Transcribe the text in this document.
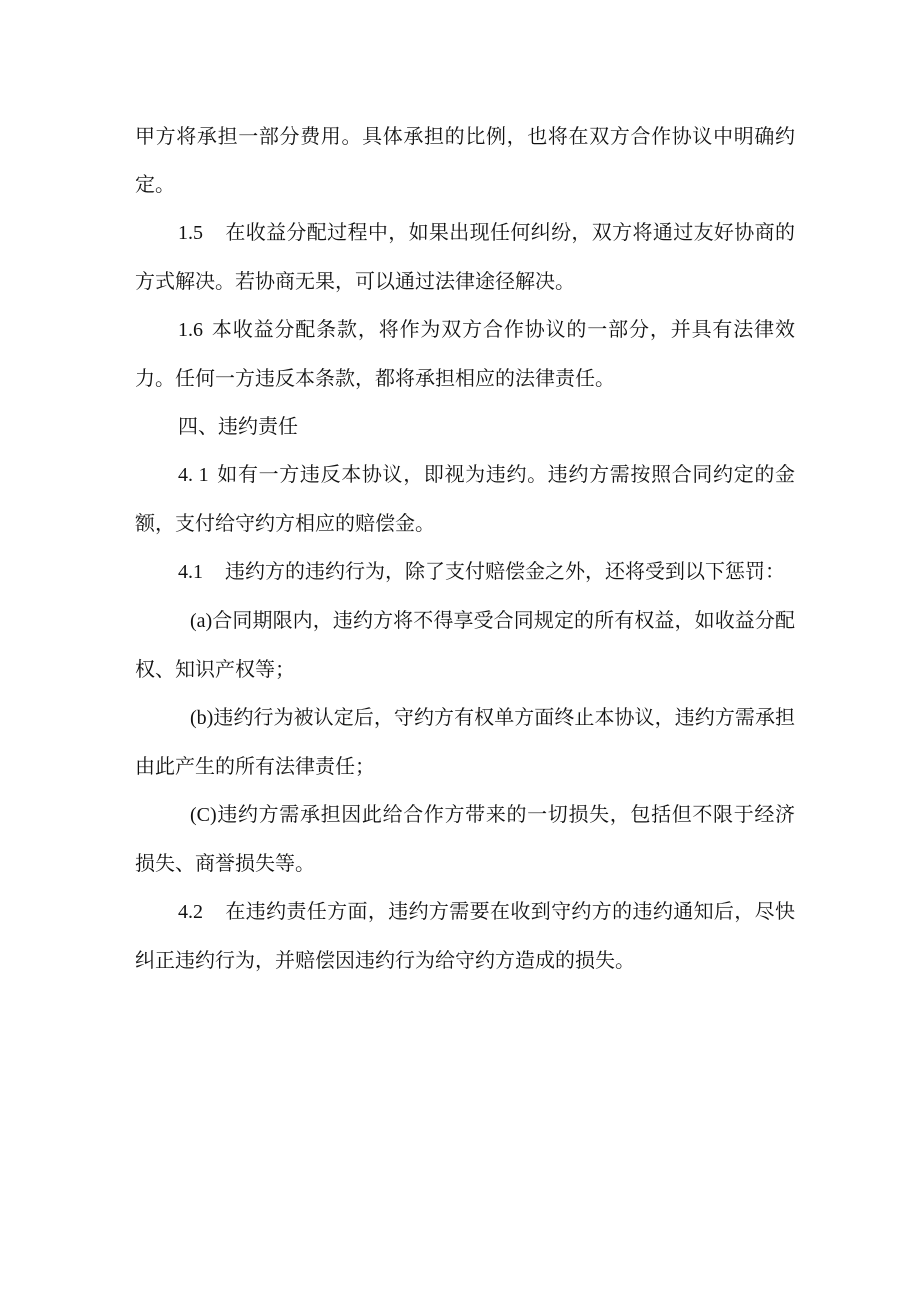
甲方将承担一部分费用。具体承担的比例，也将在双方合作协议中明确约定。

1.5 在收益分配过程中，如果出现任何纠纷，双方将通过友好协商的方式解决。若协商无果，可以通过法律途径解决。

1.6 本收益分配条款，将作为双方合作协议的一部分，并具有法律效力。任何一方违反本条款，都将承担相应的法律责任。

四、违约责任

4. 1 如有一方违反本协议，即视为违约。违约方需按照合同约定的金额，支付给守约方相应的赔偿金。

4.1 违约方的违约行为，除了支付赔偿金之外，还将受到以下惩罚：

(a)合同期限内，违约方将不得享受合同规定的所有权益，如收益分配权、知识产权等；

(b)违约行为被认定后，守约方有权单方面终止本协议，违约方需承担由此产生的所有法律责任；

(C)违约方需承担因此给合作方带来的一切损失，包括但不限于经济损失、商誉损失等。

4.2 在违约责任方面，违约方需要在收到守约方的违约通知后，尽快纠正违约行为，并赔偿因违约行为给守约方造成的损失。
